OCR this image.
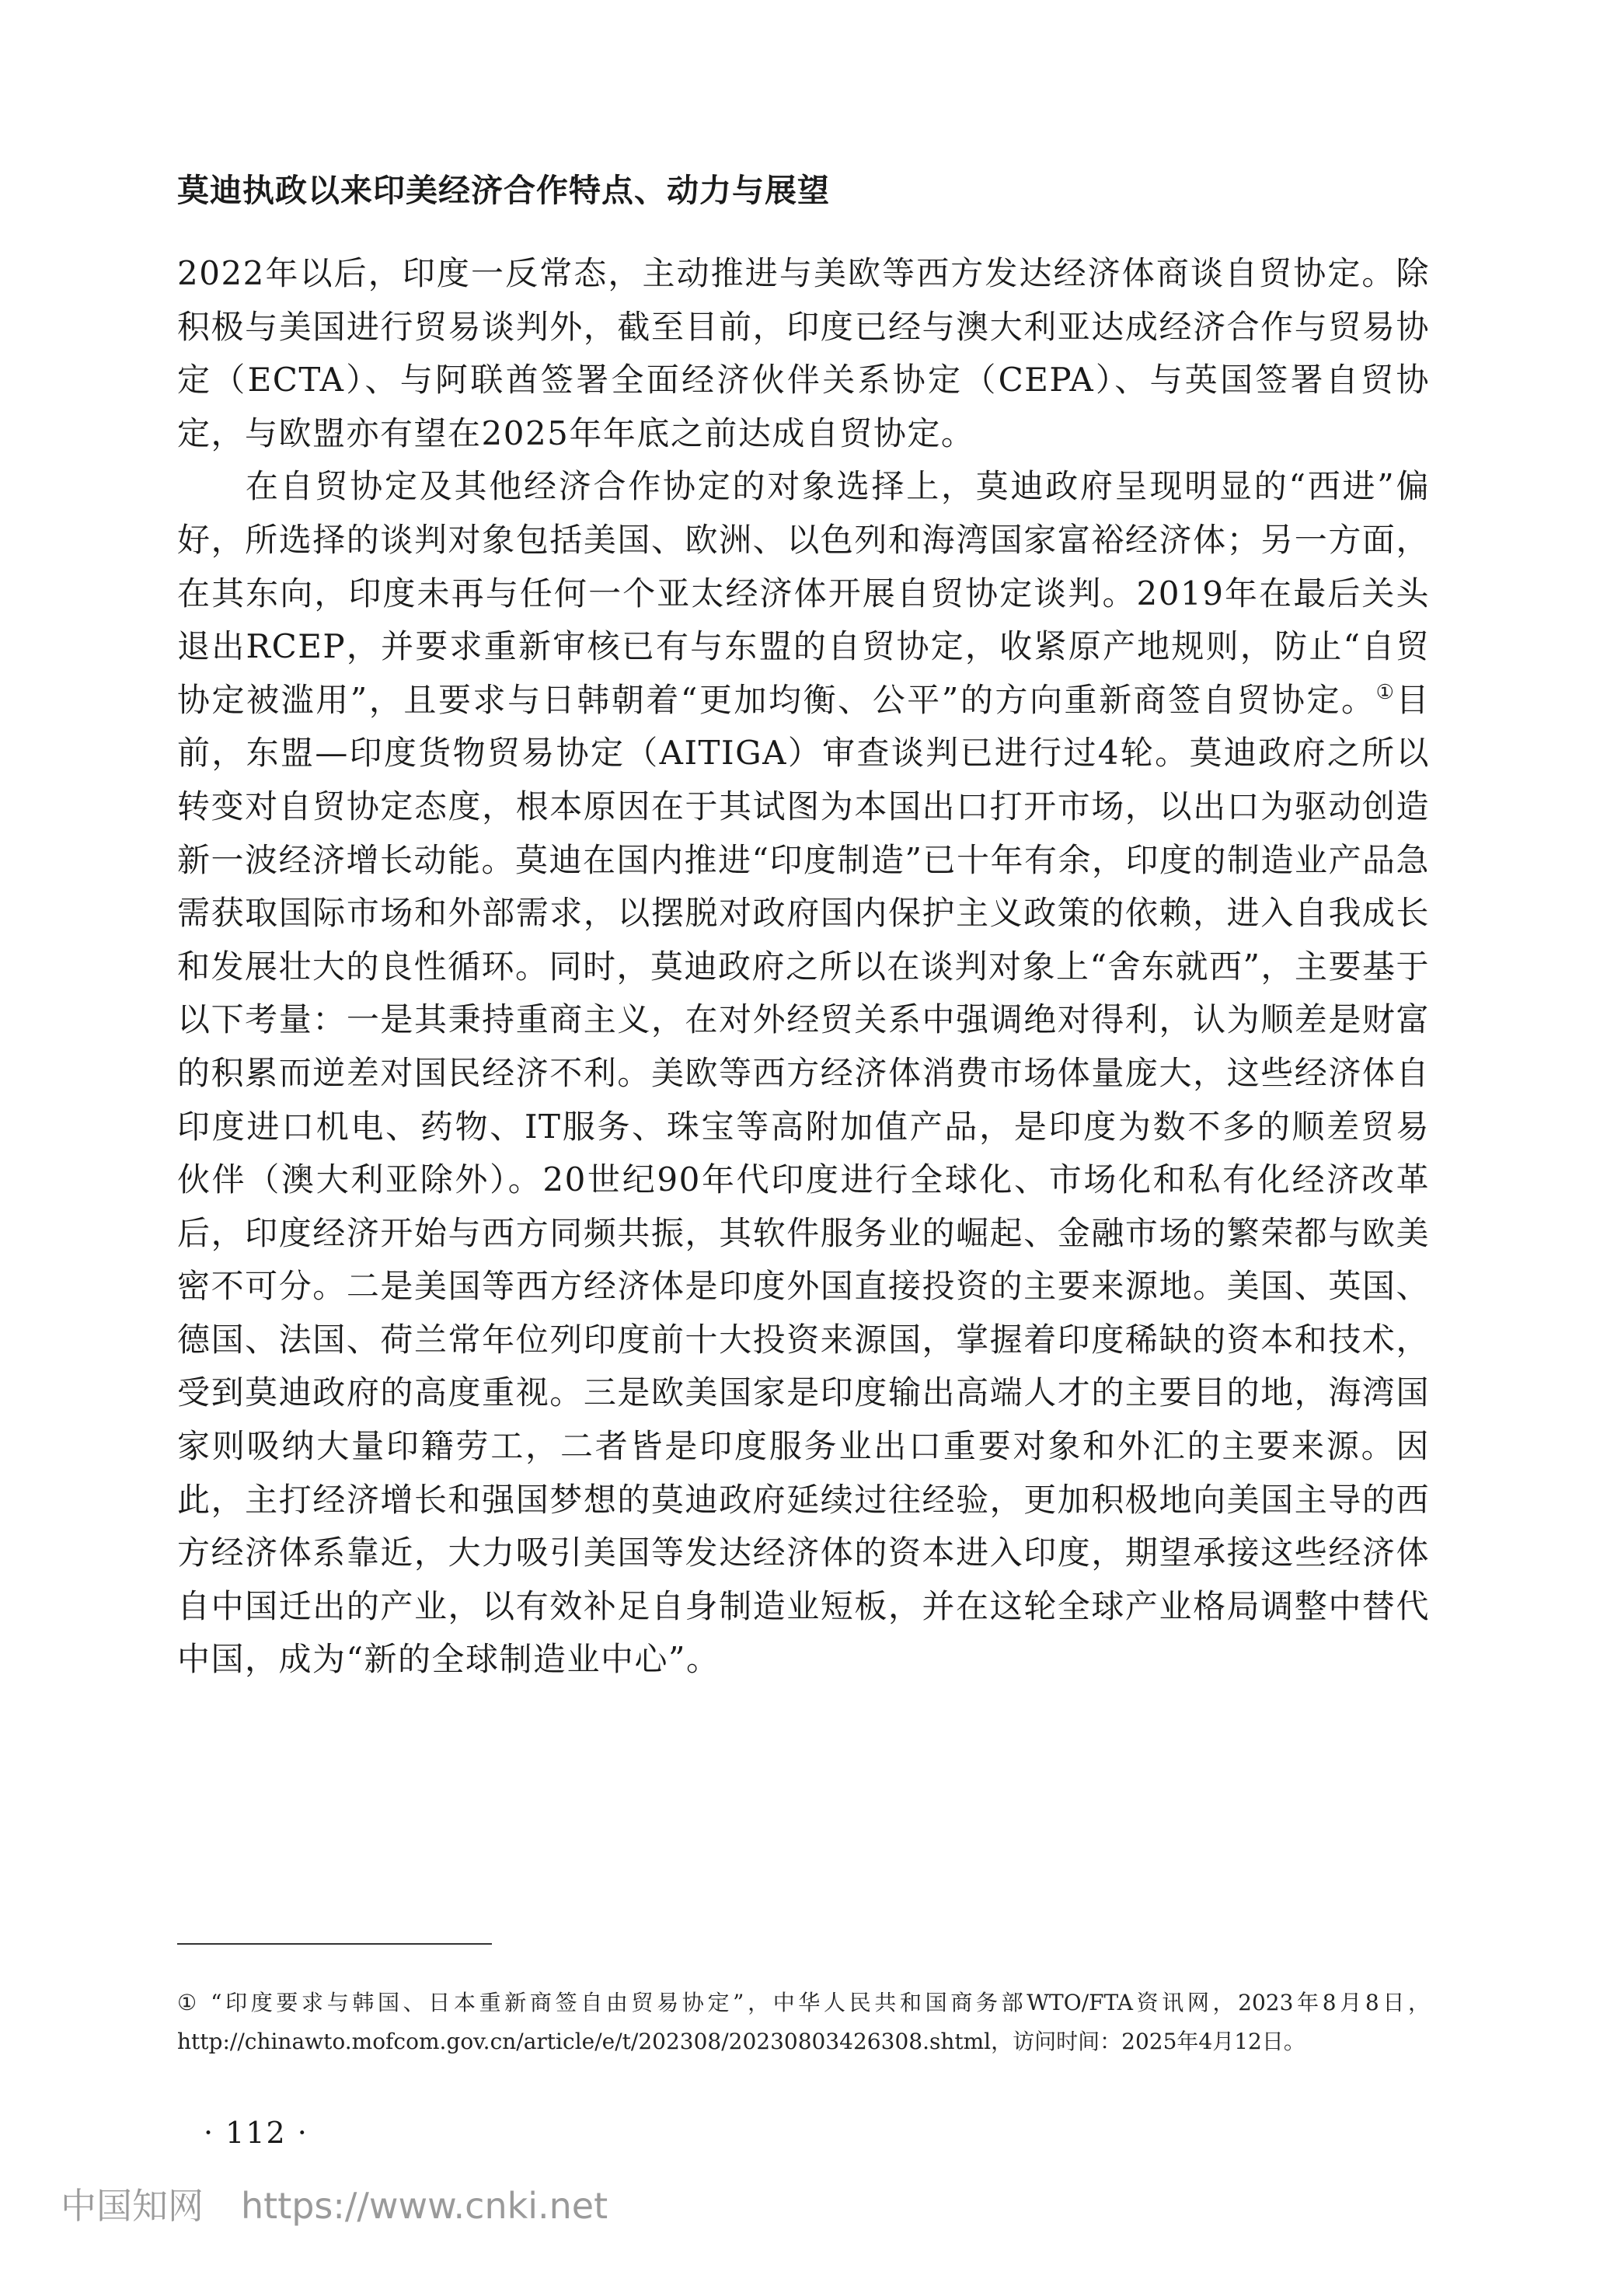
莫迪执政以来印美经济合作特点、动力与展望

2022年以后，印度一反常态，主动推进与美欧等西方发达经济体商谈自贸协定。除积极与美国进行贸易谈判外，截至目前，印度已经与澳大利亚达成经济合作与贸易协定（ECTA）、与阿联酋签署全面经济伙伴关系协定（CEPA）、与英国签署自贸协定，与欧盟亦有望在2025年年底之前达成自贸协定。

在自贸协定及其他经济合作协定的对象选择上，莫迪政府呈现明显的“西进”偏好，所选择的谈判对象包括美国、欧洲、以色列和海湾国家富裕经济体；另一方面，在其东向，印度未再与任何一个亚太经济体开展自贸协定谈判。2019年在最后关头退出RCEP，并要求重新审核已有与东盟的自贸协定，收紧原产地规则，防止“自贸协定被滥用”，且要求与日韩朝着“更加均衡、公平”的方向重新商签自贸协定。①目前，东盟—印度货物贸易协定（AITIGA）审查谈判已进行过4轮。莫迪政府之所以转变对自贸协定态度，根本原因在于其试图为本国出口打开市场，以出口为驱动创造新一波经济增长动能。莫迪在国内推进“印度制造”已十年有余，印度的制造业产品急需获取国际市场和外部需求，以摆脱对政府国内保护主义政策的依赖，进入自我成长和发展壮大的良性循环。同时，莫迪政府之所以在谈判对象上“舍东就西”，主要基于以下考量：一是其秉持重商主义，在对外经贸关系中强调绝对得利，认为顺差是财富的积累而逆差对国民经济不利。美欧等西方经济体消费市场体量庞大，这些经济体自印度进口机电、药物、IT服务、珠宝等高附加值产品，是印度为数不多的顺差贸易伙伴（澳大利亚除外）。20世纪90年代印度进行全球化、市场化和私有化经济改革后，印度经济开始与西方同频共振，其软件服务业的崛起、金融市场的繁荣都与欧美密不可分。二是美国等西方经济体是印度外国直接投资的主要来源地。美国、英国、德国、法国、荷兰常年位列印度前十大投资来源国，掌握着印度稀缺的资本和技术，受到莫迪政府的高度重视。三是欧美国家是印度输出高端人才的主要目的地，海湾国家则吸纳大量印籍劳工，二者皆是印度服务业出口重要对象和外汇的主要来源。因此，主打经济增长和强国梦想的莫迪政府延续过往经验，更加积极地向美国主导的西方经济体系靠近，大力吸引美国等发达经济体的资本进入印度，期望承接这些经济体自中国迁出的产业，以有效补足自身制造业短板，并在这轮全球产业格局调整中替代中国，成为“新的全球制造业中心”。

① “印度要求与韩国、日本重新商签自由贸易协定”，中华人民共和国商务部WTO/FTA资讯网，2023年8月8日，http://chinawto.mofcom.gov.cn/article/e/t/202308/20230803426308.shtml，访问时间：2025年4月12日。
· 112 ·
中国知网 https://www.cnki.net
